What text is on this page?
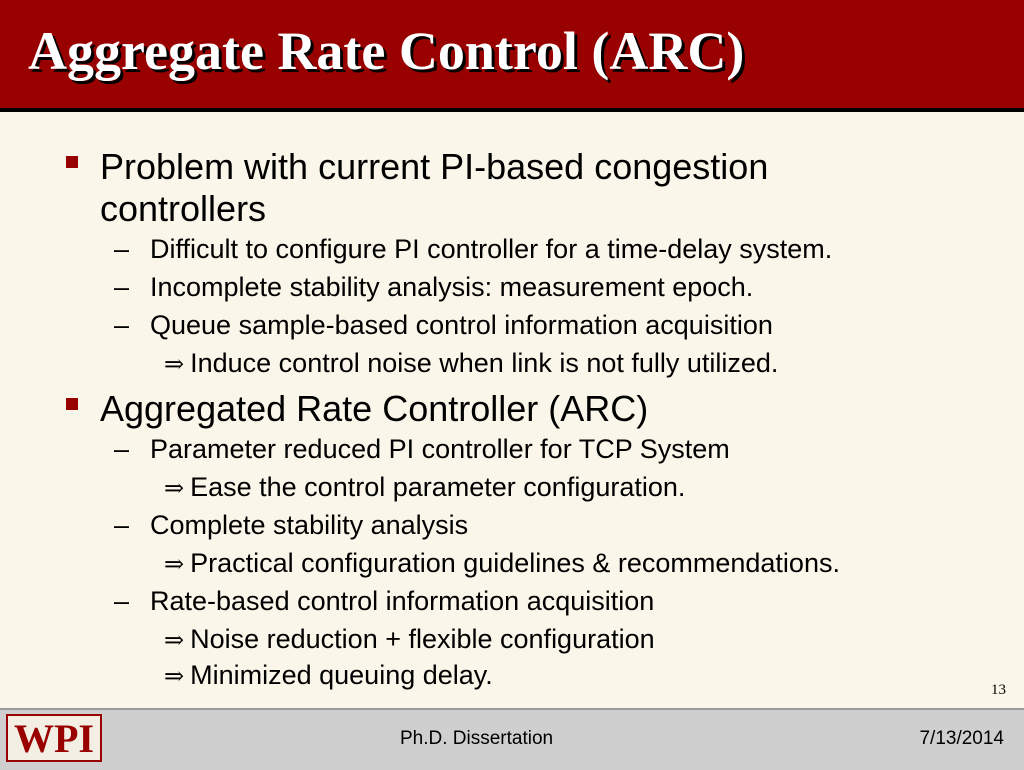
Aggregate Rate Control (ARC)
Problem with current PI-based congestion
controllers
– Difficult to configure PI controller for a time-delay system.
– Incomplete stability analysis: measurement epoch.
– Queue sample-based control information acquisition
⇒ Induce control noise when link is not fully utilized.
Aggregated Rate Controller (ARC)
– Parameter reduced PI controller for TCP System
⇒ Ease the control parameter configuration.
– Complete stability analysis
⇒ Practical configuration guidelines & recommendations.
– Rate-based control information acquisition
⇒ Noise reduction + flexible configuration
⇒ Minimized queuing delay.	13
WPI	Ph.D. Dissertation	7/13/2014
